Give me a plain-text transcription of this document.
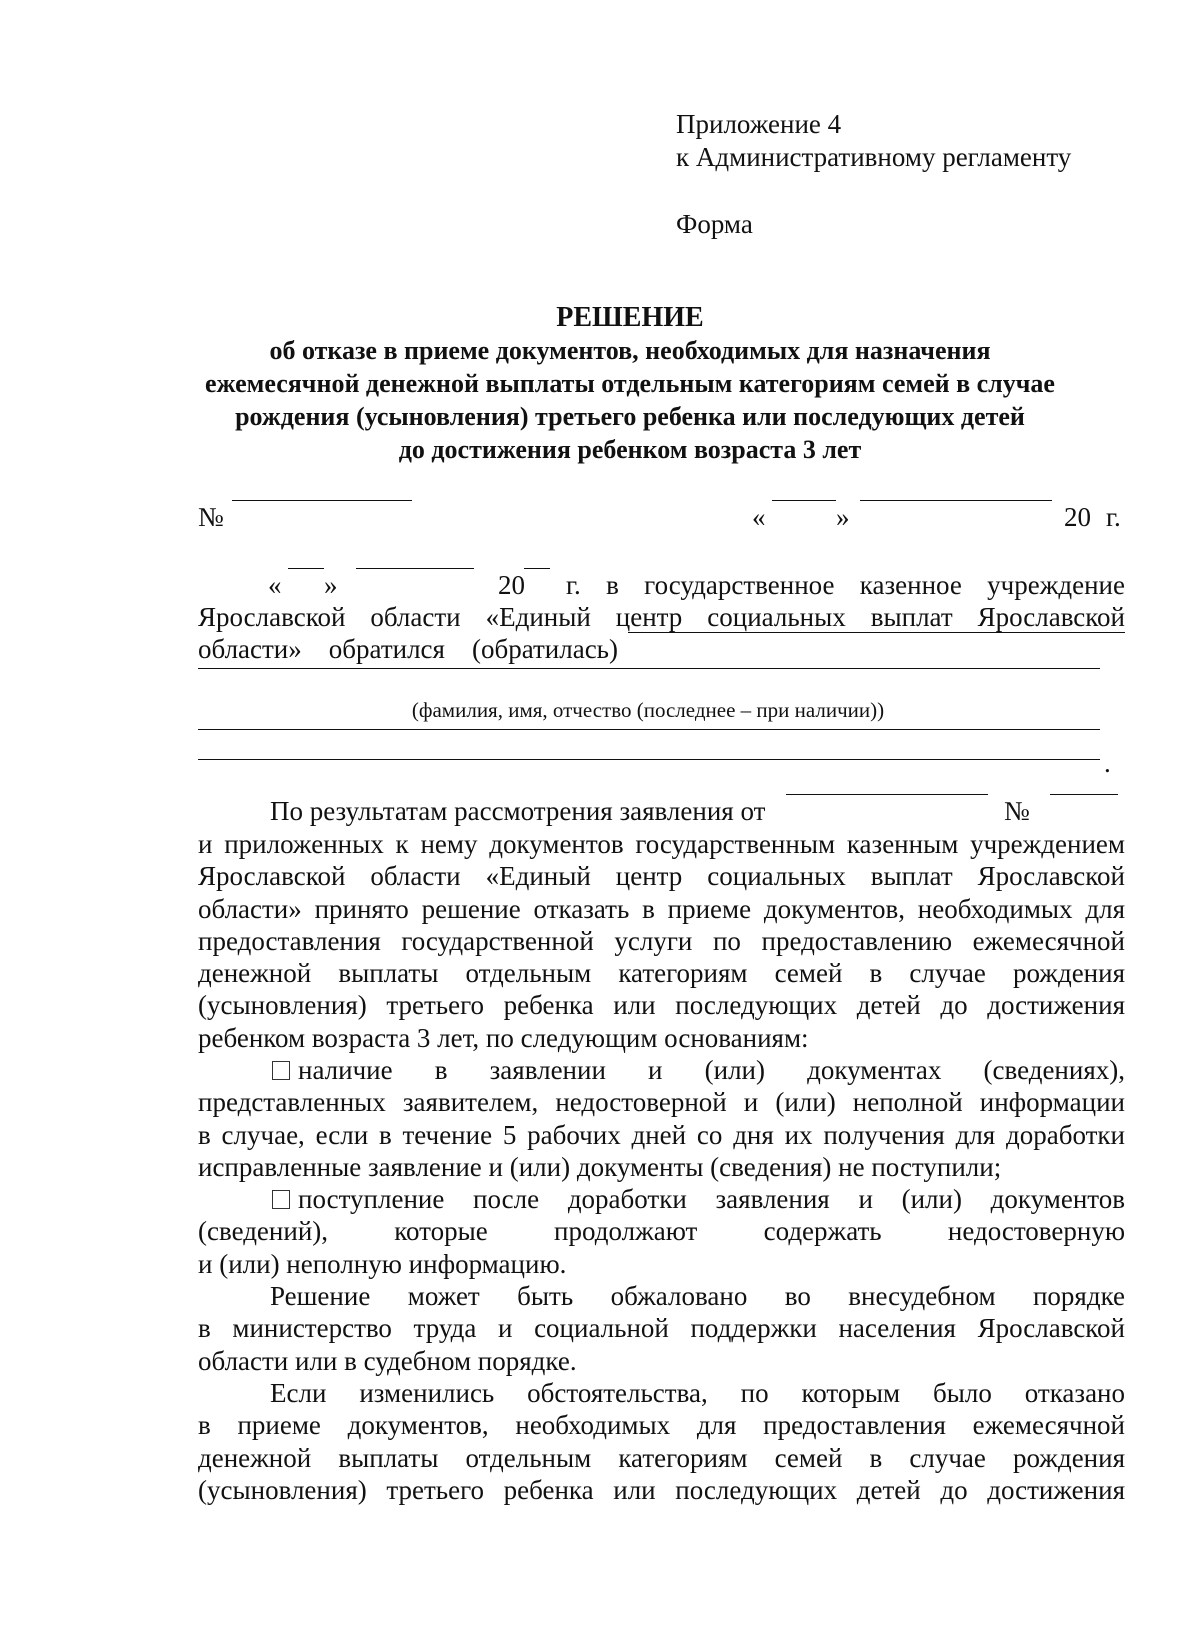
Приложение 4
к Административному регламенту
Форма
РЕШЕНИЕ
об отказе в приеме документов, необходимых для назначения
ежемесячной денежной выплаты отдельным категориям семей в случае
рождения (усыновления) третьего ребенка или последующих детей
до достижения ребенком возраста 3 лет
№	«	»	20 г.
« »	20 г. в государственное казенное учреждение
Ярославской области «Единый центр социальных выплат Ярославской
области» обратился (обратилась)
(фамилия, имя, отчество (последнее – при наличии))
.
По результатам рассмотрения заявления от	№
и приложенных к нему документов государственным казенным учреждением
Ярославской области «Единый центр социальных выплат Ярославской
области» принято решение отказать в приеме документов, необходимых для
предоставления государственной услуги по предоставлению ежемесячной
денежной выплаты отдельным категориям семей в случае рождения
(усыновления) третьего ребенка или последующих детей до достижения
ребенком возраста 3 лет, по следующим основаниям:
наличие в заявлении и (или) документах (сведениях),
представленных заявителем, недостоверной и (или) неполной информации
в случае, если в течение 5 рабочих дней со дня их получения для доработки
исправленные заявление и (или) документы (сведения) не поступили;
поступление после доработки заявления и (или) документов
(сведений), которые продолжают содержать недостоверную
и (или) неполную информацию.
Решение может быть обжаловано во внесудебном порядке
в министерство труда и социальной поддержки населения Ярославской
области или в судебном порядке.
Если изменились обстоятельства, по которым было отказано
в приеме документов, необходимых для предоставления ежемесячной
денежной выплаты отдельным категориям семей в случае рождения
(усыновления) третьего ребенка или последующих детей до достижения
